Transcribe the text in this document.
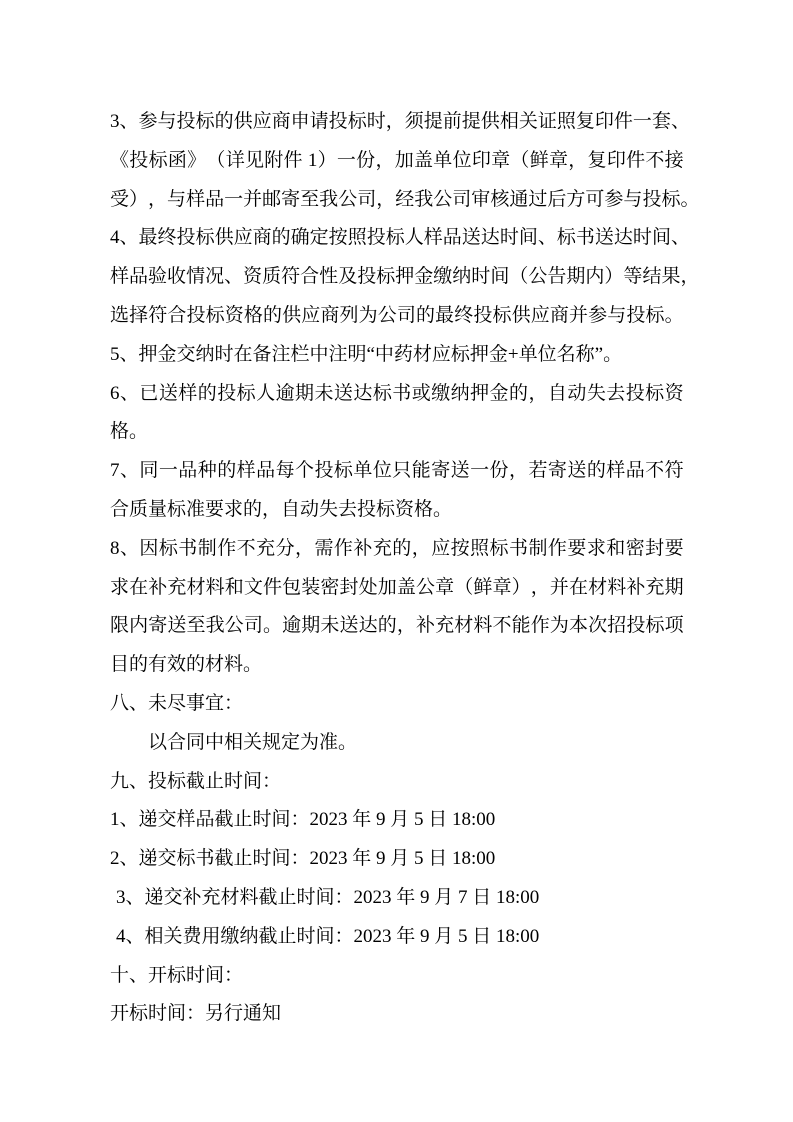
3 、 参 与 投 标 的 供 应 商 申 请 投 标 时 ， 须 提 前 提 供 相 关 证 照 复 印 件 一 套 、
《 投 标 函 》 （ 详 见 附 件
1 ） 一 份 ， 加 盖 单 位 印 章 （ 鲜 章 ， 复 印 件 不 接
受 ） ， 与 样 品 一 并 邮 寄 至 我 公 司 ， 经 我 公 司 审 核 通 过 后 方 可 参 与 投 标 。
4 、 最 终 投 标 供 应 商 的 确 定 按 照 投 标 人 样 品 送 达 时 间 、 标 书 送 达 时 间 、
样 品 验 收 情 况 、 资 质 符 合 性 及 投 标 押 金 缴 纳 时 间 （ 公 告 期 内 ） 等 结 果 ，
选 择 符 合 投 标 资 格 的 供 应 商 列 为 公 司 的 最 终 投 标 供 应 商 并 参 与 投 标 。
5、押金交纳时在备注栏中注明“中药材应标押金+单位名称”。
6 、 已 送 样 的 投 标 人 逾 期 未 送 达 标 书 或 缴 纳 押 金 的 ， 自 动 失 去 投 标 资
格。
7 、 同 一 品 种 的 样 品 每 个 投 标 单 位 只 能 寄 送 一 份 ， 若 寄 送 的 样 品 不 符
合质量标准要求的，自动失去投标资格。
8 、 因 标 书 制 作 不 充 分 ， 需 作 补 充 的 ， 应 按 照 标 书 制 作 要 求 和 密 封 要
求 在 补 充 材 料 和 文 件 包 装 密 封 处 加 盖 公 章 （ 鲜 章 ） ， 并 在 材 料 补 充 期
限 内 寄 送 至 我 公 司 。 逾 期 未 送 达 的 ， 补 充 材 料 不 能 作 为 本 次 招 投 标 项
目的有效的材料。
八、未尽事宜：
以合同中相关规定为准。
九、投标截止时间：
1、递交样品截止时间：2023 年 9 月 5 日 18:00
2、递交标书截止时间：2023 年 9 月 5 日 18:00
3、递交补充材料截止时间：2023 年 9 月 7 日 18:00
4、相关费用缴纳截止时间：2023 年 9 月 5 日 18:00
十、开标时间：
开标时间：另行通知
